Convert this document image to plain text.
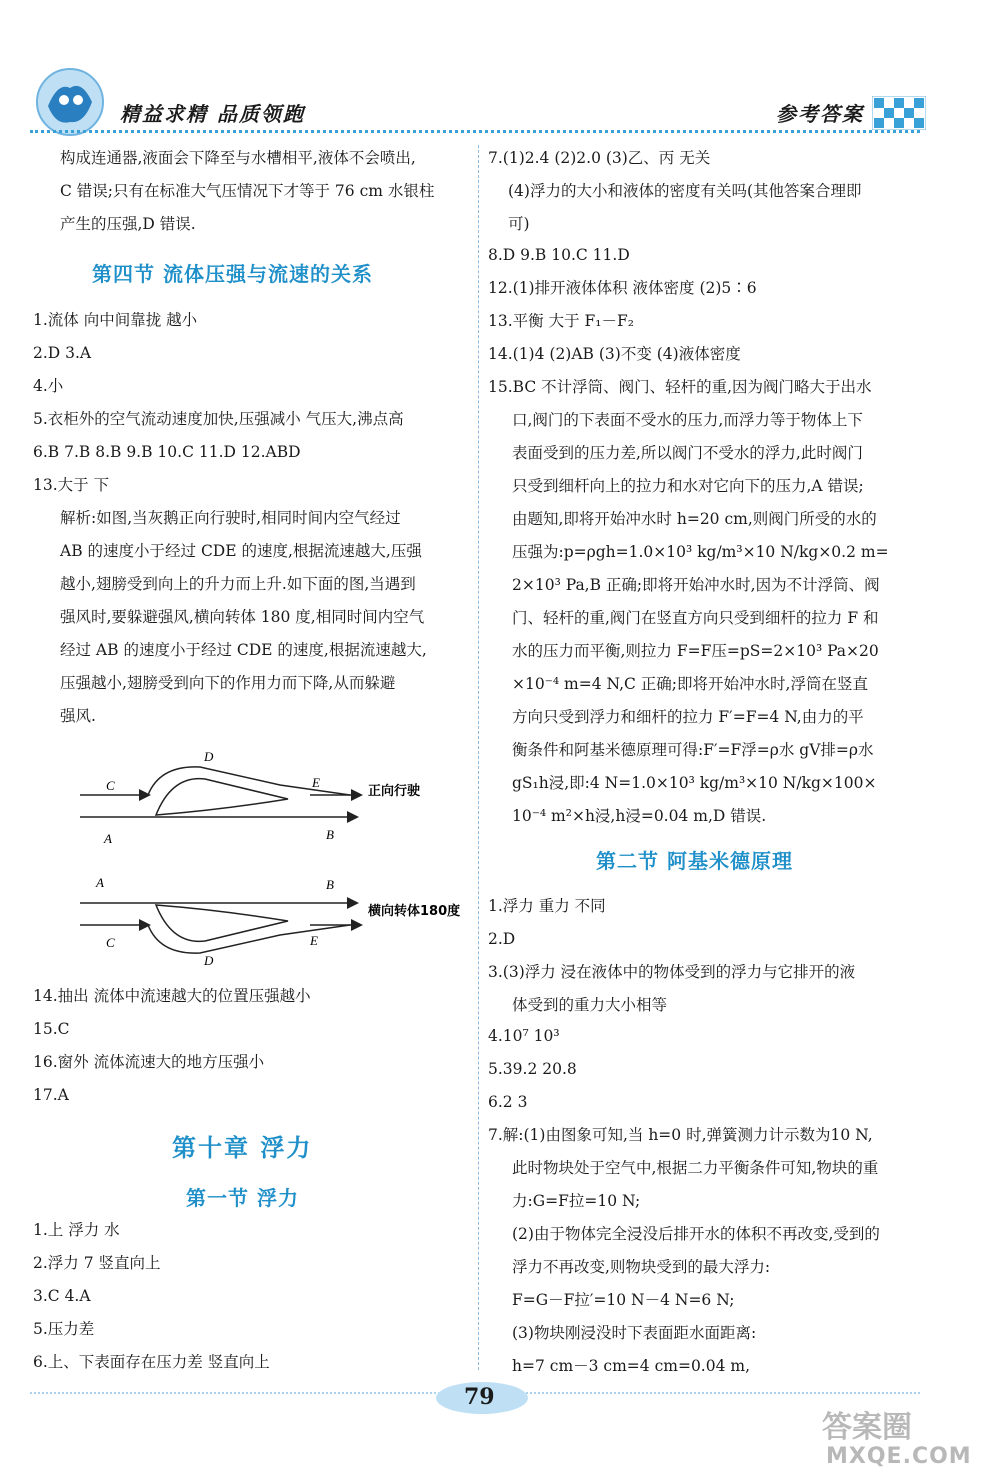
精益求精 品质领跑	参考答案
构成连通器,液面会下降至与水槽相平,液体不会喷出,
C 错误;只有在标准大气压情况下才等于 76 cm 水银柱
产生的压强,D 错误.
第四节 流体压强与流速的关系
1.流体 向中间靠拢 越小
2.D 3.A
4.小
5.衣柜外的空气流动速度加快,压强减小 气压大,沸点高
6.B 7.B 8.B 9.B 10.C 11.D 12.ABD
13.大于 下
解析:如图,当灰鹅正向行驶时,相同时间内空气经过
AB 的速度小于经过 CDE 的速度,根据流速越大,压强
越小,翅膀受到向上的升力而上升.如下面的图,当遇到
强风时,要躲避强风,横向转体 180 度,相同时间内空气
经过 AB 的速度小于经过 CDE 的速度,根据流速越大,
压强越小,翅膀受到向下的作用力而下降,从而躲避
强风.
14.抽出 流体中流速越大的位置压强越小
15.C
16.窗外 流体流速大的地方压强小
17.A
第十章 浮力
第一节 浮力
1.上 浮力 水
2.浮力 7 竖直向上
3.C 4.A
5.压力差
6.上、下表面存在压力差 竖直向上
7.(1)2.4 (2)2.0 (3)乙、丙 无关
(4)浮力的大小和液体的密度有关吗(其他答案合理即
可)
8.D 9.B 10.C 11.D
12.(1)排开液体体积 液体密度 (2)5∶6
13.平衡 大于 F₁－F₂
14.(1)4 (2)AB (3)不变 (4)液体密度
15.BC 不计浮筒、阀门、轻杆的重,因为阀门略大于出水
口,阀门的下表面不受水的压力,而浮力等于物体上下
表面受到的压力差,所以阀门不受水的浮力,此时阀门
只受到细杆向上的拉力和水对它向下的压力,A 错误;
由题知,即将开始冲水时 h=20 cm,则阀门所受的水的
压强为:p=ρgh=1.0×10³ kg/m³×10 N/kg×0.2 m=
2×10³ Pa,B 正确;即将开始冲水时,因为不计浮筒、阀
门、轻杆的重,阀门在竖直方向只受到细杆的拉力 F 和
水的压力而平衡,则拉力 F=F压=pS=2×10³ Pa×20
×10⁻⁴ m=4 N,C 正确;即将开始冲水时,浮筒在竖直
方向只受到浮力和细杆的拉力 F′=F=4 N,由力的平
衡条件和阿基米德原理可得:F′=F浮=ρ水 gV排=ρ水
gS₁h浸,即:4 N=1.0×10³ kg/m³×10 N/kg×100×
10⁻⁴ m²×h浸,h浸=0.04 m,D 错误.
第二节 阿基米德原理
1.浮力 重力 不同
2.D
3.(3)浮力 浸在液体中的物体受到的浮力与它排开的液
体受到的重力大小相等
4.10⁷ 10³
5.39.2 20.8
6.2 3
7.解:(1)由图象可知,当 h=0 时,弹簧测力计示数为10 N,
此时物块处于空气中,根据二力平衡条件可知,物块的重
力:G=F拉=10 N;
(2)由于物体完全浸没后排开水的体积不再改变,受到的
浮力不再改变,则物块受到的最大浮力:
F=G－F拉′=10 N－4 N=6 N;
(3)物块刚浸没时下表面距水面距离:
h=7 cm－3 cm=4 cm=0.04 m,
C
D
E
A	B
正向行驶
A	B
C
D
E
横向转体180度
79
答案圈
MXQE.COM
